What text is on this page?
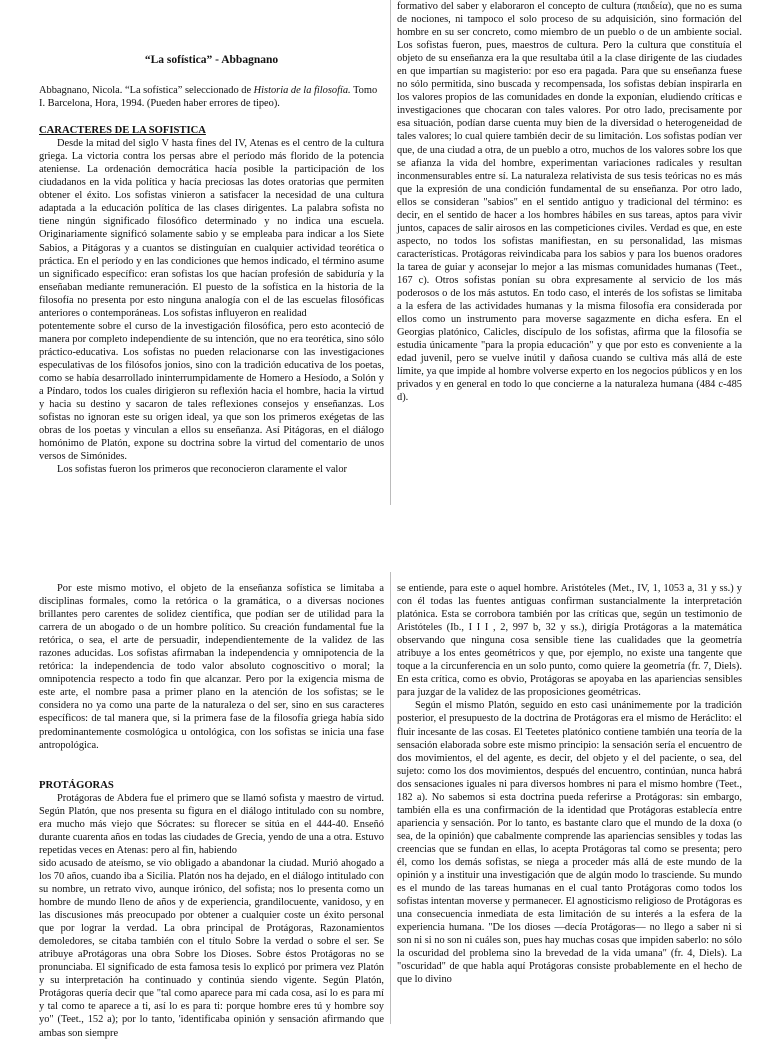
“La sofística” - Abbagnano

Abbagnano, Nicola. “La sofística” seleccionado de Historia de la filosofía. Tomo I. Barcelona, Hora, 1994. (Pueden haber errores de tipeo).

CARACTERES DE LA SOFISTICA

Desde la mitad del siglo V hasta fines del IV, Atenas es el centro de la cultura griega. La victoria contra los persas abre el período más florido de la potencia ateniense. La ordenación democrática hacía posible la participación de los ciudadanos en la vida política y hacía preciosas las dotes oratorias que permiten obtener el éxito. Los sofistas vinieron a satisfacer la necesidad de una cultura adaptada a la educación política de las clases dirigentes. La palabra sofista no tiene ningún significado filosófico determinado y no indica una escuela. Originariamente significó solamente sabio y se empleaba para indicar a los Siete Sabios, a Pitágoras y a cuantos se distinguían en cualquier actividad teorética o práctica. En el período y en las condiciones que hemos indicado, el término asume un significado específico: eran sofistas los que hacían profesión de sabiduría y la enseñaban mediante remuneración. El puesto de la sofística en la historia de la filosofía no presenta por esto ninguna analogía con el de las escuelas filosóficas anteriores o contemporáneas. Los sofistas influyeron en realidad

potentemente sobre el curso de la investigación filosófica, pero esto aconteció de manera por completo independiente de su intención, que no era teorética, sino sólo práctico-educativa. Los sofistas no pueden relacionarse con las investigaciones especulativas de los filósofos jonios, sino con la tradición educativa de los poetas, como se había desarrollado ininterrumpidamente de Homero a Hesíodo, a Solón y a Píndaro, todos los cuales dirigieron su reflexión hacia el hombre, hacia la virtud y hacia su destino y sacaron de tales reflexiones consejos y enseñanzas. Los sofistas no ignoran este su origen ideal, ya que son los primeros exégetas de las obras de los poetas y vinculan a ellos su enseñanza. Así Pitágoras, en el diálogo homónimo de Platón, expone su doctrina sobre la virtud del comentario de unos versos de Simónides.

Los sofistas fueron los primeros que reconocieron claramente el valor

formativo del saber y elaboraron el concepto de cultura (παιδεία), que no es suma de nociones, ni tampoco el solo proceso de su adquisición, sino formación del hombre en su ser concreto, como miembro de un pueblo o de un ambiente social. Los sofistas fueron, pues, maestros de cultura. Pero la cultura que constituía el objeto de su enseñanza era la que resultaba útil a la clase dirigente de las ciudades en que impartían su magisterio: por eso era pagada. Para que su enseñanza fuese no sólo permitida, sino buscada y recompensada, los sofistas debían inspirarla en los valores propios de las comunidades en donde la exponían, eludiendo críticas e investigaciones que chocaran con tales valores. Por otro lado, precisamente por esa situación, podían darse cuenta muy bien de la diversidad o heterogeneidad de tales valores; lo cual quiere también decir de su limitación. Los sofistas podían ver que, de una ciudad a otra, de un pueblo a otro, muchos de los valores sobre los que se afianza la vida del hombre, experimentan variaciones radicales y resultan inconmensurables entre sí. La naturaleza relativista de sus tesis teóricas no es más que la expresión de una condición fundamental de su enseñanza. Por otro lado, ellos se consideran "sabios" en el sentido antiguo y tradicional del término: es decir, en el sentido de hacer a los hombres hábiles en sus tareas, aptos para vivir juntos, capaces de salir airosos en las competiciones civiles. Verdad es que, en este aspecto, no todos los sofistas manifiestan, en su personalidad, las mismas características. Protágoras reivindicaba para los sabios y para los buenos oradores la tarea de guiar y aconsejar lo mejor a las mismas comunidades humanas (Teet., 167 c). Otros sofistas ponían su obra expresamente al servicio de los más poderosos o de los más astutos. En todo caso, el interés de los sofistas se limitaba a la esfera de las actividades humanas y la misma filosofía era considerada por ellos como un instrumento para moverse sagazmente en dicha esfera. En el Georgias platónico, Calicles, discípulo de los sofistas, afirma que la filosofía se estudia únicamente "para la propia educación" y que por esto es conveniente a la edad juvenil, pero se vuelve inútil y dañosa cuando se cultiva más allá de este límite, ya que impide al hombre volverse experto en los negocios públicos y en los privados y en general en todo lo que concierne a la naturaleza humana (484 c-485 d).

Por este mismo motivo, el objeto de la enseñanza sofística se limitaba a disciplinas formales, como la retórica o la gramática, o a diversas nociones brillantes pero carentes de solidez científica, que podían ser de utilidad para la carrera de un abogado o de un hombre político. Su creación fundamental fue la retórica, o sea, el arte de persuadir, independientemente de la validez de las razones aducidas. Los sofistas afirmaban la independencia y omnipotencia de la retórica: la independencia de todo valor absoluto cognoscitivo o moral; la omnipotencia respecto a todo fin que alcanzar. Pero por la exigencia misma de este arte, el nombre pasa a primer plano en la atención de los sofistas; se le considera no ya como una parte de la naturaleza o del ser, sino en sus caracteres específicos: de tal manera que, si la primera fase de la filosofía griega había sido predominantemente cosmológica u ontológica, con los sofistas se inicia una fase antropológica.

PROTÁGORAS

Protágoras de Abdera fue el primero que se llamó sofista y maestro de virtud. Según Platón, que nos presenta su figura en el diálogo intitulado con su nombre, era mucho más viejo que Sócrates: su florecer se sitúa en el 444-40. Enseñó durante cuarenta años en todas las ciudades de Grecia, yendo de una a otra. Estuvo repetidas veces en Atenas: pero al fin, habiendo

sido acusado de ateísmo, se vio obligado a abandonar la ciudad. Murió ahogado a los 70 años, cuando iba a Sicilia. Platón nos ha dejado, en el diálogo intitulado con su nombre, un retrato vivo, aunque irónico, del sofista; nos lo presenta como un hombre de mundo lleno de años y de experiencia, grandilocuente, vanidoso, y en las discusiones más preocupado por obtener a cualquier coste un éxito personal que por lograr la verdad. La obra principal de Protágoras, Razonamientos demoledores, se citaba también con el título Sobre la verdad o sobre el ser. Se atribuye aProtágoras una obra Sobre los Dioses. Sobre éstos Protágoras no se pronunciaba. El significado de esta famosa tesis lo explicó por primera vez Platón y su interpretación ha continuado y continúa siendo vigente. Según Platón, Protágoras quería decir que "tal como aparece para mí cada cosa, así lo es para mí y tal como te aparece a ti, así lo es para ti: porque hombre eres tú y hombre soy yo" (Teet., 152 a); por lo tanto, 'identificaba opinión y sensación afirmando que ambas son siempre

se entiende, para este o aquel hombre. Aristóteles (Met., IV, 1, 1053 a, 31 y ss.) y con él todas las fuentes antiguas confirman sustancialmente la interpretación platónica. Esta se corrobora también por las críticas que, según un testimonio de Aristóteles (Ib., I I I , 2, 997 b, 32 y ss.), dirigía Protágoras a la matemática observando que ninguna cosa sensible tiene las cualidades que la geometría atribuye a los entes geométricos y que, por ejemplo, no existe una tangente que toque a la circunferencia en un solo punto, como quiere la geometría (fr. 7, Diels). En esta crítica, como es obvio, Protágoras se apoyaba en las apariencias sensibles para juzgar de la validez de las proposiciones geométricas.

Según el mismo Platón, seguido en esto casi unánimemente por la tradición posterior, el presupuesto de la doctrina de Protágoras era el mismo de Heráclito: el fluir incesante de las cosas. El Teetetes platónico contiene también una teoría de la sensación elaborada sobre este mismo principio: la sensación sería el encuentro de dos movimientos, el del agente, es decir, del objeto y el del paciente, o sea, del sujeto: como los dos movimientos, después del encuentro, continúan, nunca habrá dos sensaciones iguales ni para diversos hombres ni para el mismo hombre (Teet., 182 a). No sabemos si esta doctrina pueda referirse a Protágoras: sin embargo, también ella es una confirmación de la identidad que Protágoras establecía entre apariencia y sensación. Por lo tanto, es bastante claro que el mundo de la doxa (o sea, de la opinión) que cabalmente comprende las apariencias sensibles y todas las creencias que se fundan en ellas, lo acepta Protágoras tal como se presenta; pero él, como los demás sofistas, se niega a proceder más allá de este mundo de la opinión y a instituir una investigación que de algún modo lo trasciende. Su mundo es el mundo de las tareas humanas en el cual tanto Protágoras como todos los sofistas intentan moverse y permanecer. El agnosticismo religioso de Protágoras es una consecuencia inmediata de esta limitación de su interés a la esfera de la experiencia humana. "De los dioses —decía Protágoras— no llego a saber ni si son ni si no son ni cuáles son, pues hay muchas cosas que impiden saberlo: no sólo la oscuridad del problema sino la brevedad de la vida umana" (fr. 4, Diels). La "oscuridad" de que habla aquí Protágoras consiste probablemente en el hecho de que lo divino
